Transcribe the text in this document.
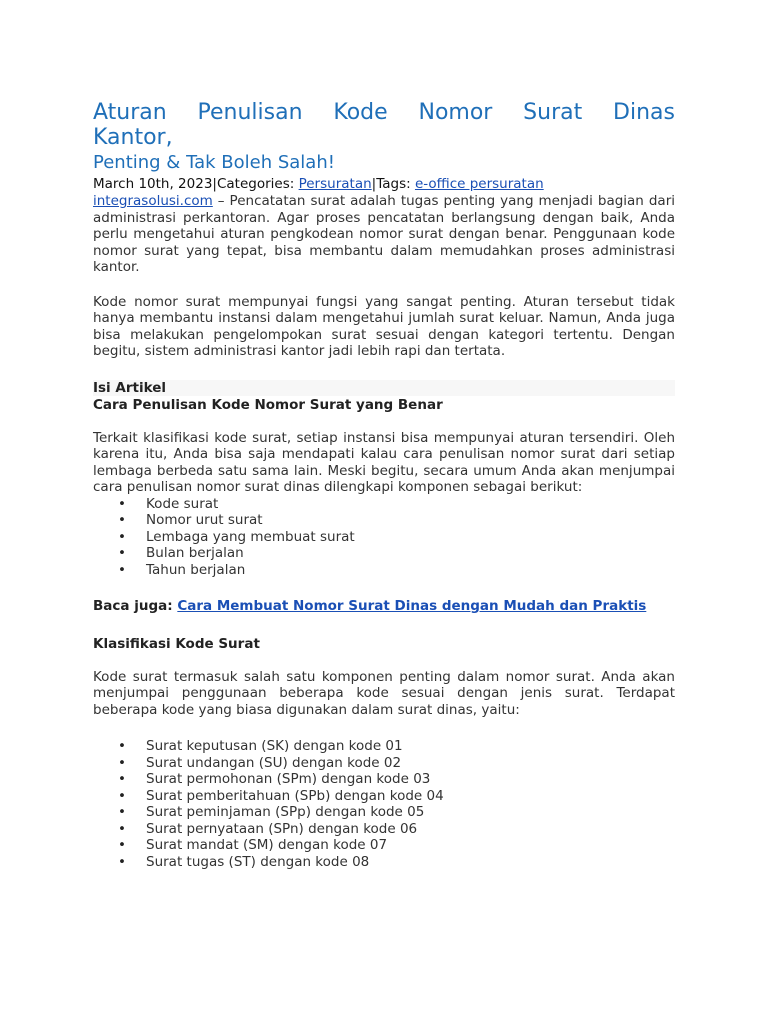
Aturan Penulisan Kode Nomor Surat Dinas
Kantor,
Penting & Tak Boleh Salah!
March 10th, 2023|Categories: Persuratan|Tags: e-office persuratan

integrasolusi.com – Pencatatan surat adalah tugas penting yang menjadi bagian dari administrasi perkantoran. Agar proses pencatatan berlangsung dengan baik, Anda perlu mengetahui aturan pengkodean nomor surat dengan benar. Penggunaan kode nomor surat yang tepat, bisa membantu dalam memudahkan proses administrasi kantor.

Kode nomor surat mempunyai fungsi yang sangat penting. Aturan tersebut tidak hanya membantu instansi dalam mengetahui jumlah surat keluar. Namun, Anda juga bisa melakukan pengelompokan surat sesuai dengan kategori tertentu. Dengan begitu, sistem administrasi kantor jadi lebih rapi dan tertata.

Isi Artikel
Cara Penulisan Kode Nomor Surat yang Benar

Terkait klasifikasi kode surat, setiap instansi bisa mempunyai aturan tersendiri. Oleh karena itu, Anda bisa saja mendapati kalau cara penulisan nomor surat dari setiap lembaga berbeda satu sama lain. Meski begitu, secara umum Anda akan menjumpai cara penulisan nomor surat dinas dilengkapi komponen sebagai berikut:

• Kode surat
• Nomor urut surat
• Lembaga yang membuat surat
• Bulan berjalan
• Tahun berjalan

Baca juga: Cara Membuat Nomor Surat Dinas dengan Mudah dan Praktis

Klasifikasi Kode Surat

Kode surat termasuk salah satu komponen penting dalam nomor surat. Anda akan menjumpai penggunaan beberapa kode sesuai dengan jenis surat. Terdapat beberapa kode yang biasa digunakan dalam surat dinas, yaitu:

• Surat keputusan (SK) dengan kode 01
• Surat undangan (SU) dengan kode 02
• Surat permohonan (SPm) dengan kode 03
• Surat pemberitahuan (SPb) dengan kode 04
• Surat peminjaman (SPp) dengan kode 05
• Surat pernyataan (SPn) dengan kode 06
• Surat mandat (SM) dengan kode 07
• Surat tugas (ST) dengan kode 08
